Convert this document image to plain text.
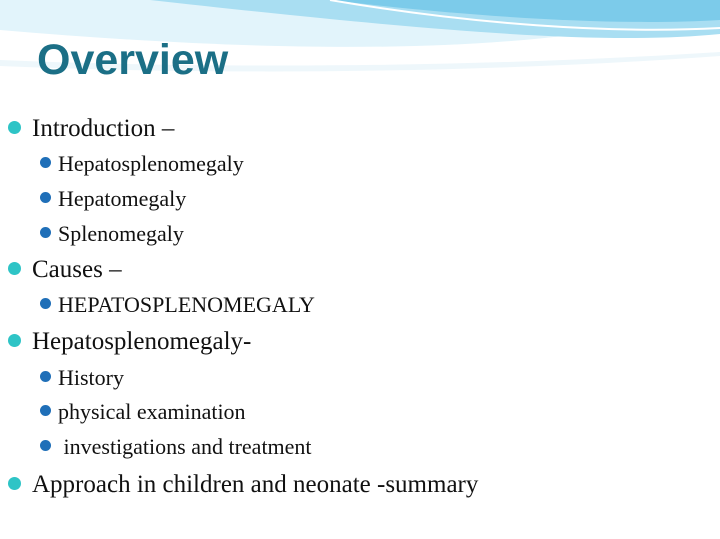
Overview
Introduction –
Hepatosplenomegaly
Hepatomegaly
Splenomegaly
Causes –
HEPATOSPLENOMEGALY
Hepatosplenomegaly-
History
physical examination
investigations and treatment
Approach in children and neonate -summary
